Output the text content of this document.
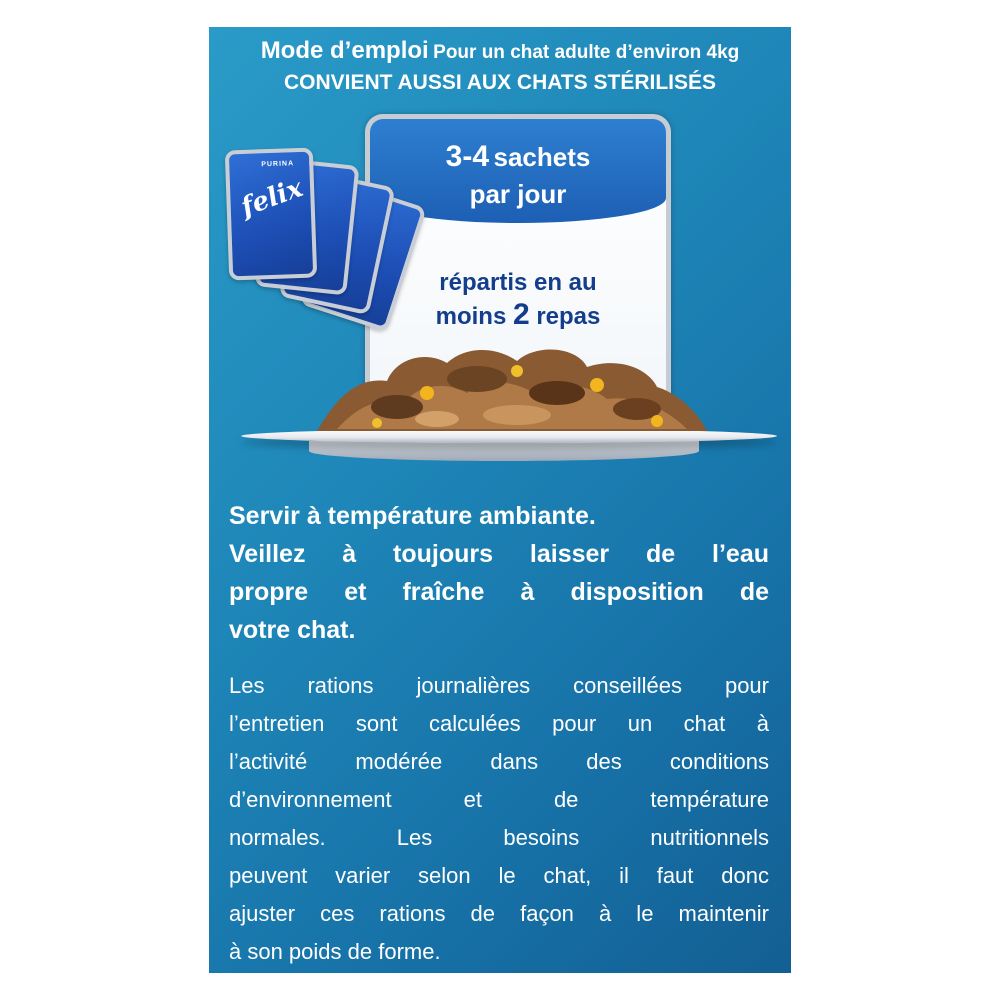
Mode d’emploi Pour un chat adulte d’environ 4kg
CONVIENT AUSSI AUX CHATS STÉRILISÉS
PURINA
felix
3-4 sachets
par jour
répartis en au
moins 2 repas
Servir à température ambiante.
Veillez à toujours laisser de l’eau
propre et fraîche à disposition de
votre chat.
Les rations journalières conseillées pour
l’entretien sont calculées pour un chat à
l’activité modérée dans des conditions
d’environnement et de température
normales. Les besoins nutritionnels
peuvent varier selon le chat, il faut donc
ajuster ces rations de façon à le maintenir
à son poids de forme.
